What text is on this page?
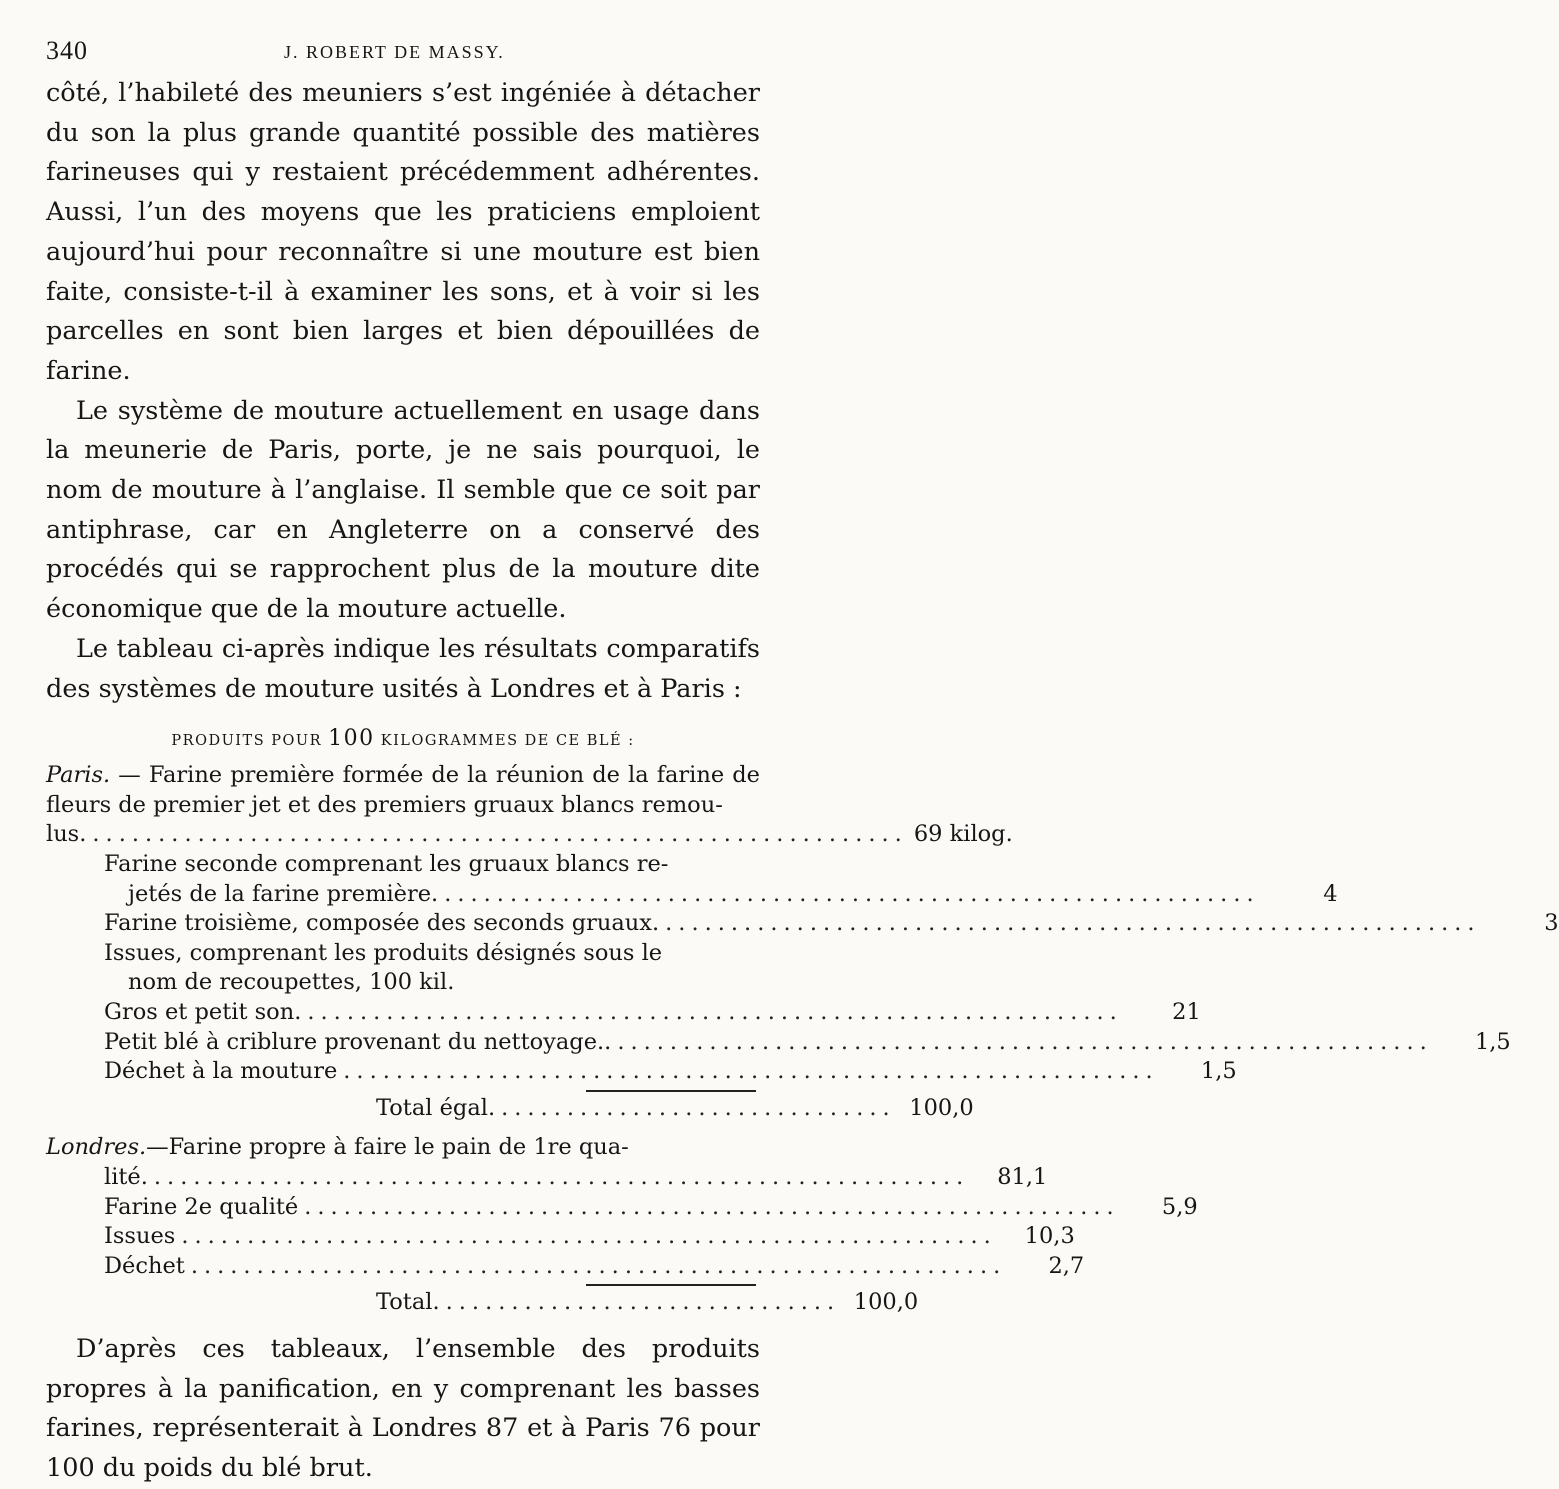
340	J. ROBERT DE MASSY.

côté, l’habileté des meuniers s’est ingéniée à détacher du son la plus grande quantité possible des matières farineuses qui y restaient précédemment adhérentes. Aussi, l’un des moyens que les praticiens emploient aujourd’hui pour reconnaître si une mouture est bien faite, consiste-t-il à examiner les sons, et à voir si les parcelles en sont bien larges et bien dépouillées de farine.

Le système de mouture actuellement en usage dans la meunerie de Paris, porte, je ne sais pourquoi, le nom de mouture à l’anglaise. Il semble que ce soit par antiphrase, car en Angleterre on a conservé des procédés qui se rapprochent plus de la mouture dite économique que de la mouture actuelle.

Le tableau ci-après indique les résultats comparatifs des systèmes de mouture usités à Londres et à Paris :

PRODUITS POUR 100 KILOGRAMMES DE CE BLÉ :
Paris. — Farine première formée de la réunion de la farine de fleurs de premier jet et des premiers gruaux blancs remou-
lus. .............................................................. 69 kilog.
Farine seconde comprenant les gruaux blancs re-
jetés de la farine première. ..............................................................	4
Farine troisième, composée des seconds gruaux. ..............................................................	3
Issues, comprenant les produits désignés sous le
nom de recoupettes, 100 kil.
Gros et petit son. ..............................................................	21
Petit blé à criblure provenant du nettoyage.. ..............................................................	1,5
Déchet à la mouture ..............................................................	1,5
Total égal. .............................. 100,0
Londres.—Farine propre à faire le pain de 1re qua-
lité. ..............................................................	81,1
Farine 2e qualité ..............................................................	5,9
Issues ..............................................................	10,3
Déchet ..............................................................	2,7
Total. .............................. 100,0

D’après ces tableaux, l’ensemble des produits propres à la panification, en y comprenant les basses farines, représenterait à Londres 87 et à Paris 76 pour 100 du poids du blé brut.
